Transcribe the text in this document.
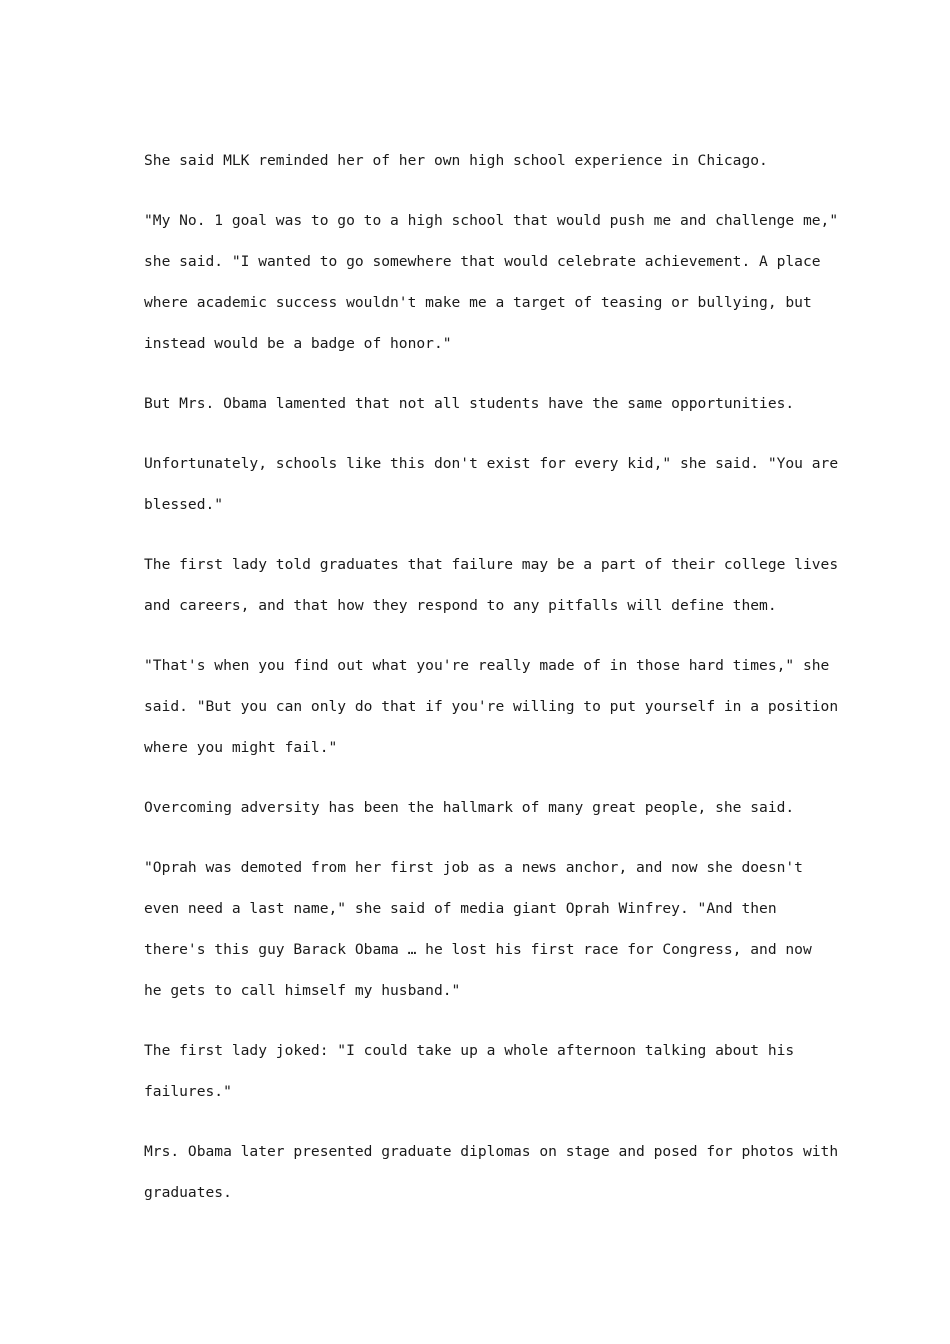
She said MLK reminded her of her own high school experience in Chicago.

"My No. 1 goal was to go to a high school that would push me and challenge me,"
she said. "I wanted to go somewhere that would celebrate achievement. A place
where academic success wouldn't make me a target of teasing or bullying, but
instead would be a badge of honor."

But Mrs. Obama lamented that not all students have the same opportunities.

Unfortunately, schools like this don't exist for every kid," she said. "You are
blessed."

The first lady told graduates that failure may be a part of their college lives
and careers, and that how they respond to any pitfalls will define them.

"That's when you find out what you're really made of in those hard times," she
said. "But you can only do that if you're willing to put yourself in a position
where you might fail."

Overcoming adversity has been the hallmark of many great people, she said.

"Oprah was demoted from her first job as a news anchor, and now she doesn't
even need a last name," she said of media giant Oprah Winfrey. "And then
there's this guy Barack Obama … he lost his first race for Congress, and now
he gets to call himself my husband."

The first lady joked: "I could take up a whole afternoon talking about his
failures."

Mrs. Obama later presented graduate diplomas on stage and posed for photos with
graduates.
